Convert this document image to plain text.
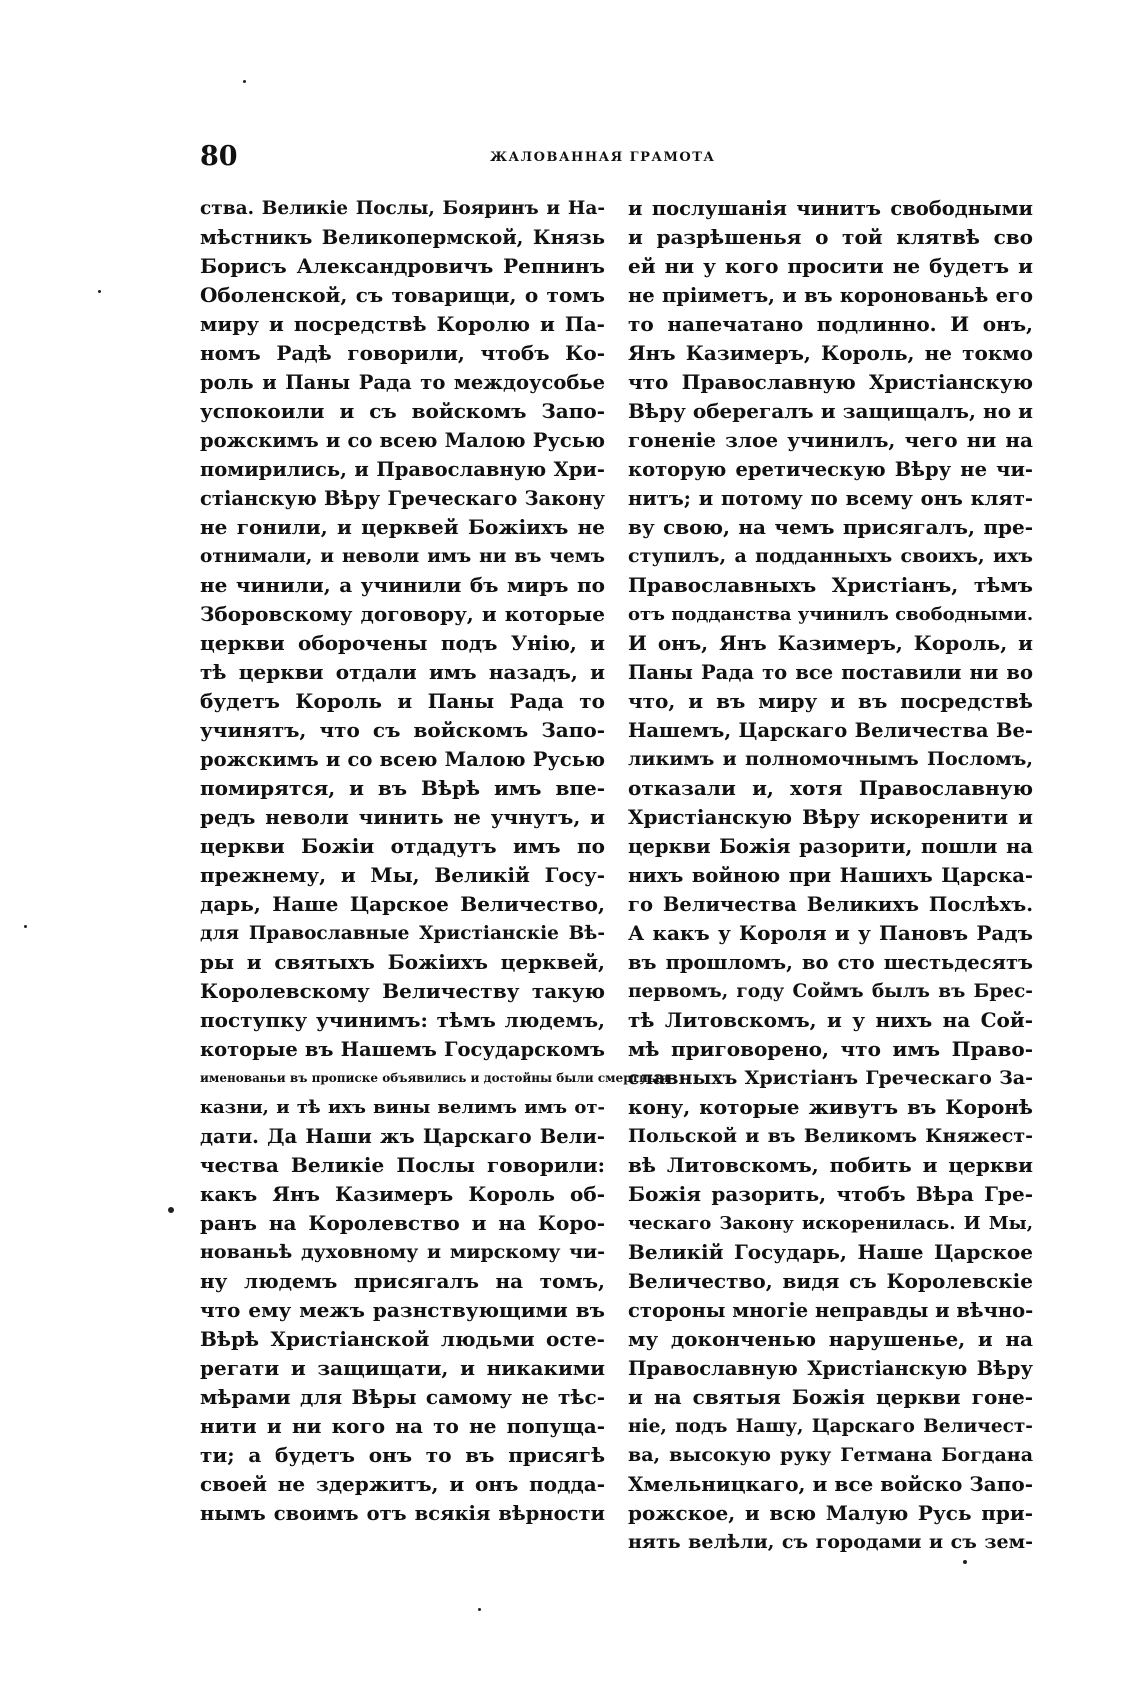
80	ЖАЛОВАННАЯ ГРАМОТА
ства. Великіе Послы, Бояринъ и На-
мѣстникъ Великопермской, Князь
Борисъ Александровичъ Репнинъ
Оболенской, съ товарищи, о томъ
миру и посредствѣ Королю и Па-
номъ Радѣ говорили, чтобъ Ко-
роль и Паны Рада то междоусобье
успокоили и съ войскомъ Запо-
рожскимъ и со всею Малою Русью
помирились, и Православную Хри-
стіанскую Вѣру Греческаго Закону
не гонили, и церквей Божіихъ не
отнимали, и неволи имъ ни въ чемъ
не чинили, а учинили бъ миръ по
Зборовскому договору, и которые
церкви оборочены подъ Унію, и
тѣ церкви отдали имъ назадъ, и
будетъ Король и Паны Рада то
учинятъ, что съ войскомъ Запо-
рожскимъ и со всею Малою Русью
помирятся, и въ Вѣрѣ имъ впе-
редъ неволи чинить не учнутъ, и
церкви Божіи отдадутъ имъ по
прежнему, и Мы, Великій Госу-
дарь, Наше Царское Величество,
для Православные Христіанскіе Вѣ-
ры и святыхъ Божіихъ церквей,
Королевскому Величеству такую
поступку учинимъ: тѣмъ людемъ,
которые въ Нашемъ Государскомъ
именованьи въ прописке объявились и достойны были смертныя
казни, и тѣ ихъ вины велимъ имъ от-
дати. Да Наши жъ Царскаго Вели-
чества Великіе Послы говорили:
какъ Янъ Казимеръ Король об-
ранъ на Королевство и на Коро-
нованьѣ духовному и мирскому чи-
ну людемъ присягалъ на томъ,
что ему межъ разнствующими въ
Вѣрѣ Христіанской людьми осте-
регати и защищати, и никакими
мѣрами для Вѣры самому не тѣс-
нити и ни кого на то не попуща-
ти; а будетъ онъ то въ присягѣ
своей не здержитъ, и онъ подда-
нымъ своимъ отъ всякія вѣрности
и послушанія чинитъ свободными
и разрѣшенья о той клятвѣ сво
ей ни у кого просити не будетъ и
не пріиметъ, и въ коронованьѣ его
то напечатано подлинно. И онъ,
Янъ Казимеръ, Король, не токмо
что Православную Христіанскую
Вѣру оберегалъ и защищалъ, но и
гоненіе злое учинилъ, чего ни на
которую еретическую Вѣру не чи-
нитъ; и потому по всему онъ клят-
ву свою, на чемъ присягалъ, пре-
ступилъ, а подданныхъ своихъ, ихъ
Православныхъ Христіанъ, тѣмъ
отъ подданства учинилъ свободными.
И онъ, Янъ Казимеръ, Король, и
Паны Рада то все поставили ни во
что, и въ миру и въ посредствѣ
Нашемъ, Царскаго Величества Ве-
ликимъ и полномочнымъ Посломъ,
отказали и, хотя Православную
Христіанскую Вѣру искоренити и
церкви Божія разорити, пошли на
нихъ войною при Нашихъ Царска-
го Величества Великихъ Послѣхъ.
А какъ у Короля и у Пановъ Радъ
въ прошломъ, во сто шестьдесятъ
первомъ, году Соймъ былъ въ Брес-
тѣ Литовскомъ, и у нихъ на Сой-
мѣ приговорено, что имъ Право-
славныхъ Христіанъ Греческаго За-
кону, которые живутъ въ Коронѣ
Польской и въ Великомъ Княжест-
вѣ Литовскомъ, побить и церкви
Божія разорить, чтобъ Вѣра Гре-
ческаго Закону искоренилась. И Мы,
Великій Государь, Наше Царское
Величество, видя съ Королевскіе
стороны многіе неправды и вѣчно-
му доконченью нарушенье, и на
Православную Христіанскую Вѣру
и на святыя Божія церкви гоне-
ніе, подъ Нашу, Царскаго Величест-
ва, высокую руку Гетмана Богдана
Хмельницкаго, и все войско Запо-
рожское, и всю Малую Русь при-
нять велѣли, съ городами и съ зем-
